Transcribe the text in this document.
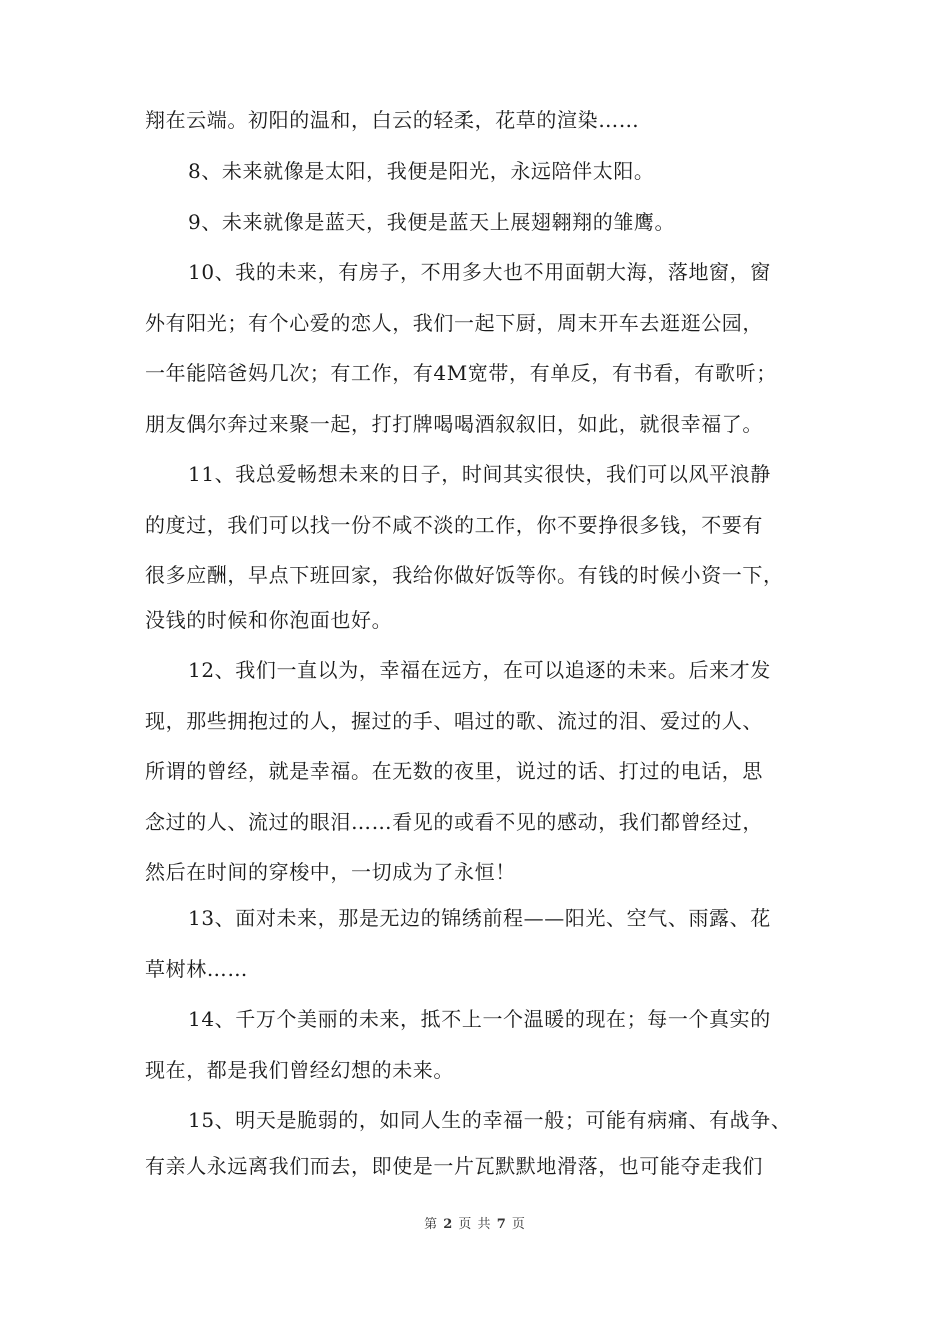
翔在云端。初阳的温和，白云的轻柔，花草的渲染……
8、未来就像是太阳，我便是阳光，永远陪伴太阳。
9、未来就像是蓝天，我便是蓝天上展翅翱翔的雏鹰。
10、我的未来，有房子，不用多大也不用面朝大海，落地窗，窗
外有阳光；有个心爱的恋人，我们一起下厨，周末开车去逛逛公园，
一年能陪爸妈几次；有工作，有4M宽带，有单反，有书看，有歌听；
朋友偶尔奔过来聚一起，打打牌喝喝酒叙叙旧，如此，就很幸福了。
11、我总爱畅想未来的日子，时间其实很快，我们可以风平浪静
的度过，我们可以找一份不咸不淡的工作，你不要挣很多钱，不要有
很多应酬，早点下班回家，我给你做好饭等你。有钱的时候小资一下，
没钱的时候和你泡面也好。
12、我们一直以为，幸福在远方，在可以追逐的未来。后来才发
现，那些拥抱过的人，握过的手、唱过的歌、流过的泪、爱过的人、
所谓的曾经，就是幸福。在无数的夜里，说过的话、打过的电话，思
念过的人、流过的眼泪……看见的或看不见的感动，我们都曾经过，
然后在时间的穿梭中，一切成为了永恒！
13、面对未来，那是无边的锦绣前程——阳光、空气、雨露、花
草树林……
14、千万个美丽的未来，抵不上一个温暖的现在；每一个真实的
现在，都是我们曾经幻想的未来。
15、明天是脆弱的，如同人生的幸福一般；可能有病痛、有战争、
有亲人永远离我们而去，即使是一片瓦默默地滑落，也可能夺走我们
第 2 页 共 7 页
